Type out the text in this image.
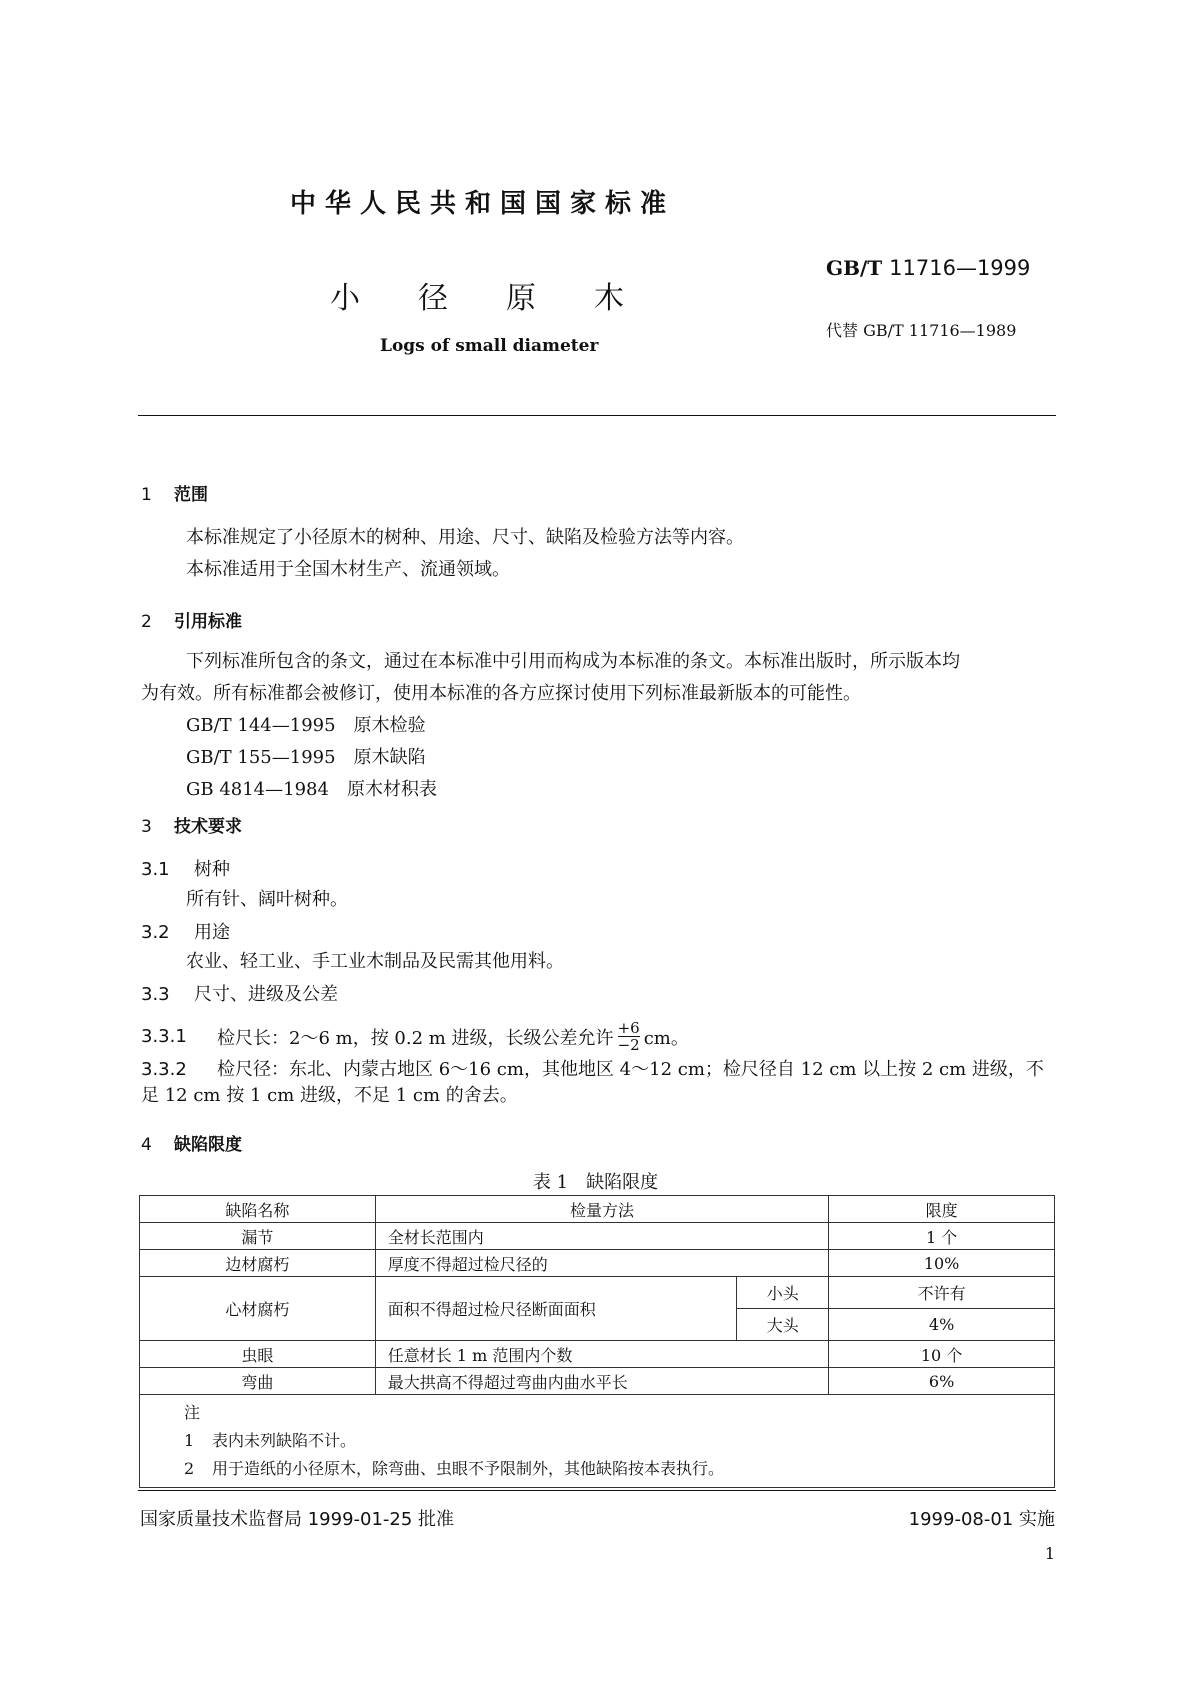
中华人民共和国国家标准
GB/T 11716—1999
小径原木
代替 GB/T 11716—1989
Logs of small diameter
1 范围
本标准规定了小径原木的树种、用途、尺寸、缺陷及检验方法等内容。
本标准适用于全国木材生产、流通领域。
2 引用标准
下列标准所包含的条文，通过在本标准中引用而构成为本标准的条文。本标准出版时，所示版本均
为有效。所有标准都会被修订，使用本标准的各方应探讨使用下列标准最新版本的可能性。
GB/T 144—1995　 原木检验
GB/T 155—1995　 原木缺陷
GB 4814—1984　 原木材积表
3 技术要求
3.1 树种
所有针、阔叶树种。
3.2 用途
农业、轻工业、手工业木制品及民需其他用料。
3.3 尺寸、进级及公差
3.3.1	检尺长：2～6 m，按 0.2 m 进级，长级公差允许 +6
−2 cm。
3.3.2 检尺径：东北、内蒙古地区 6～16 cm，其他地区 4～12 cm；检尺径自 12 cm 以上按 2 cm 进级，不
足 12 cm 按 1 cm 进级，不足 1 cm 的舍去。
4 缺陷限度
表 1　缺陷限度
缺陷名称	检量方法		限度
漏节	全材长范围内		1 个
边材腐朽	厚度不得超过检尺径的		10%
心材腐朽	面积不得超过检尺径断面面积	小头	不许有
		大头	4%
虫眼	任意材长 1 m 范围内个数		10 个
弯曲	最大拱高不得超过弯曲内曲水平长		6%

注
1 表内未列缺陷不计。
2 用于造纸的小径原木，除弯曲、虫眼不予限制外，其他缺陷按本表执行。			
国家质量技术监督局 1999-01-25 批准	1999-08-01 实施
1
